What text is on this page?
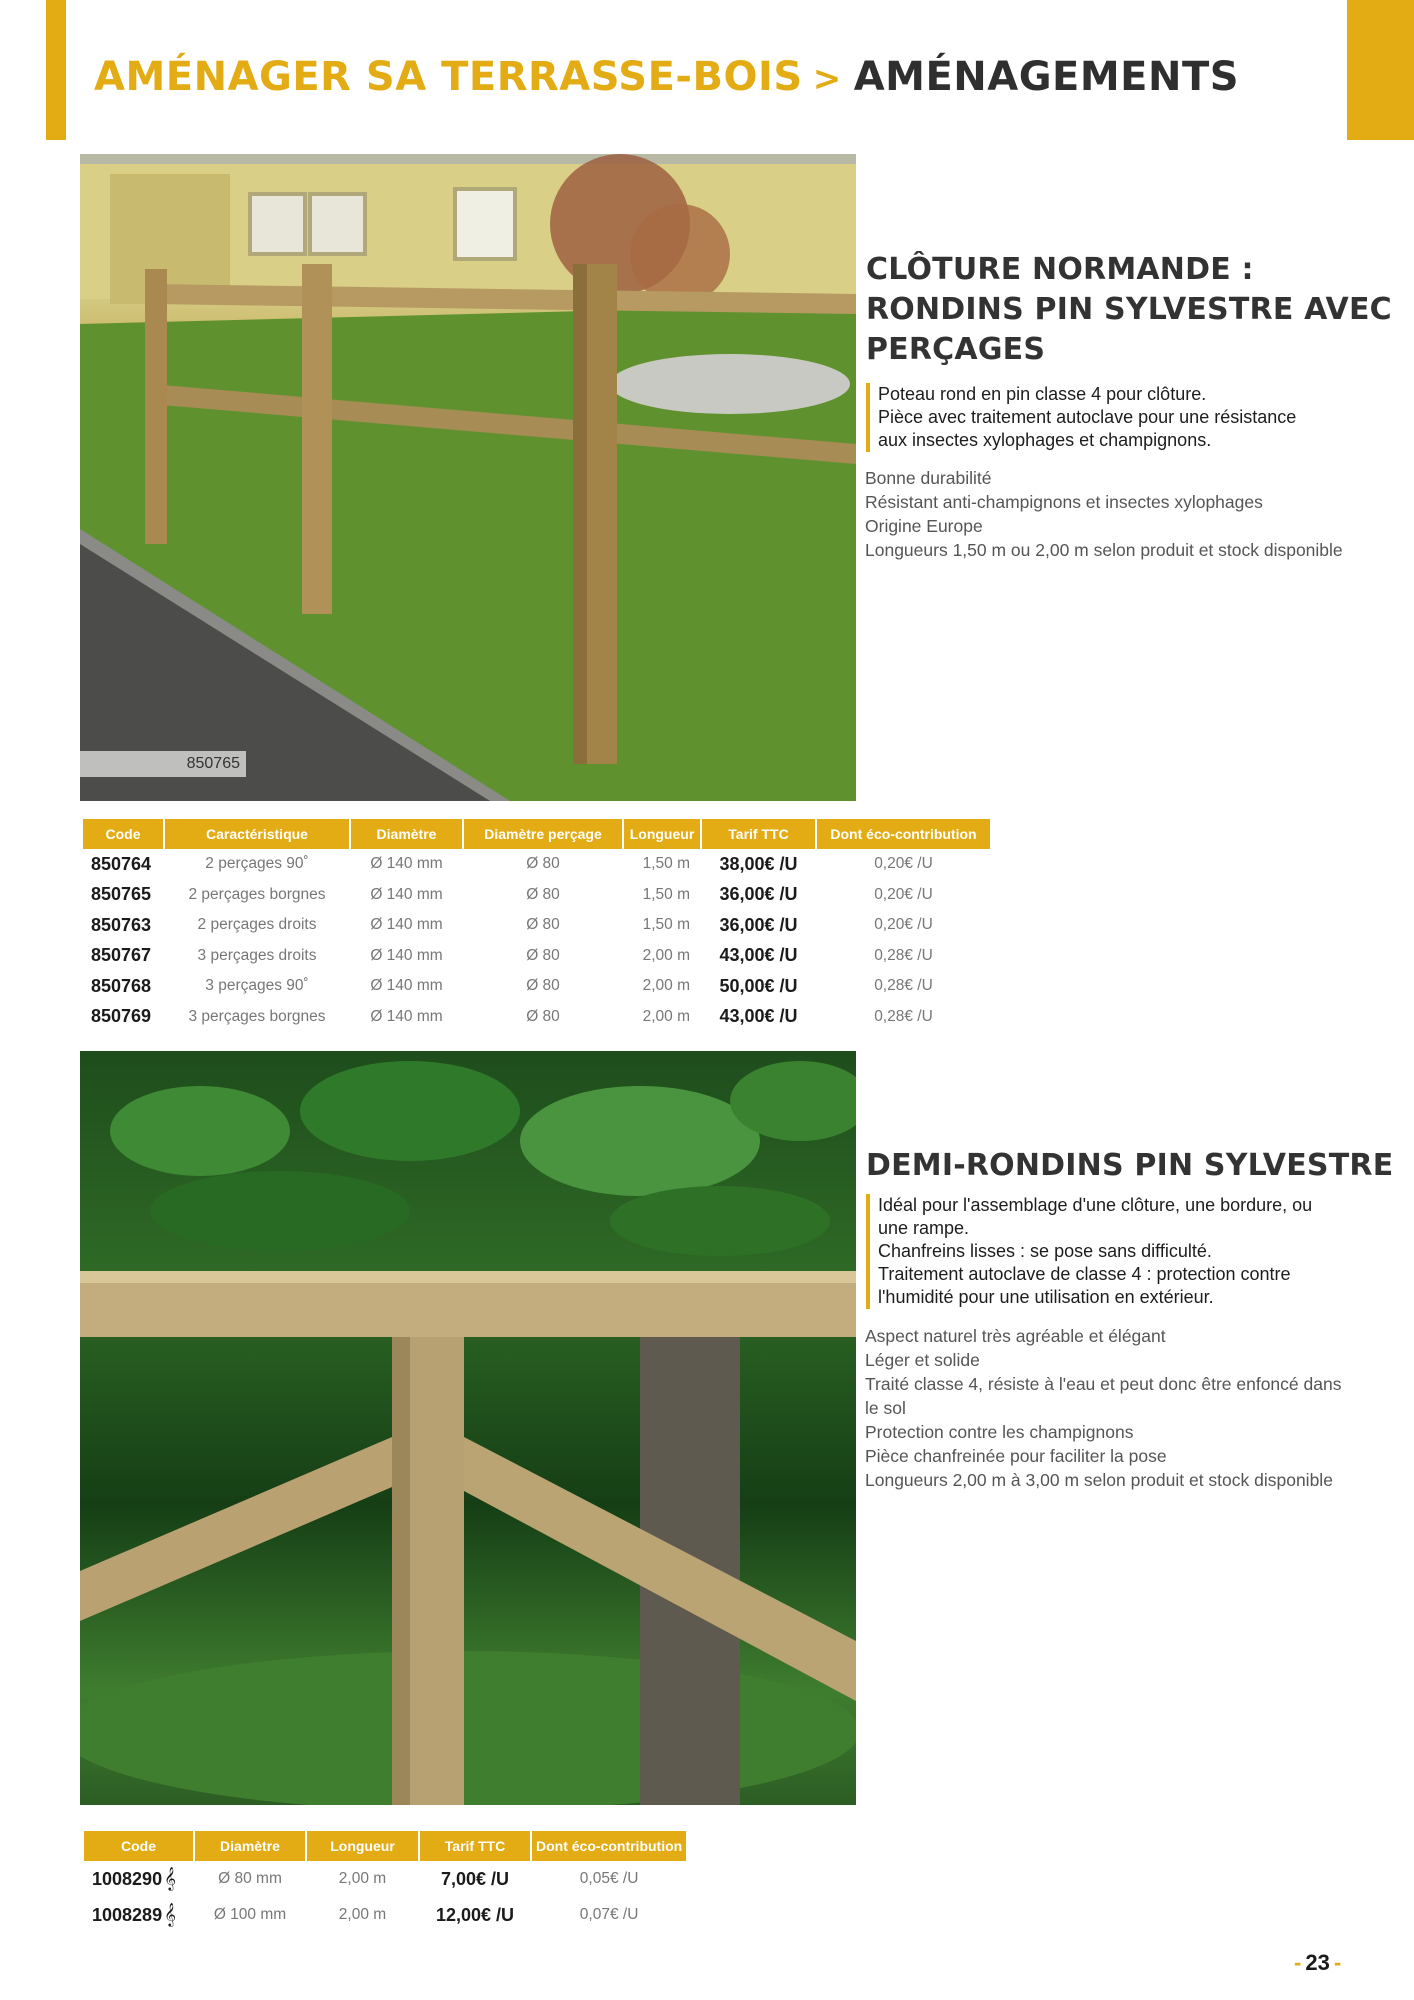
AMÉNAGER SA TERRASSE-BOIS > AMÉNAGEMENTS
850765
CLÔTURE NORMANDE :
RONDINS PIN SYLVESTRE AVEC
PERÇAGES
Poteau rond en pin classe 4 pour clôture.
Pièce avec traitement autoclave pour une résistance
aux insectes xylophages et champignons.
Bonne durabilité
Résistant anti-champignons et insectes xylophages
Origine Europe
Longueurs 1,50 m ou 2,00 m selon produit et stock disponible
Code	Caractéristique	Diamètre	Diamètre perçage	Longueur	Tarif TTC	Dont éco-contribution
850764	2 perçages 90˚	Ø 140 mm	Ø 80	1,50 m	38,00€ /U	0,20€ /U
850765	2 perçages borgnes	Ø 140 mm	Ø 80	1,50 m	36,00€ /U	0,20€ /U
850763	2 perçages droits	Ø 140 mm	Ø 80	1,50 m	36,00€ /U	0,20€ /U
850767	3 perçages droits	Ø 140 mm	Ø 80	2,00 m	43,00€ /U	0,28€ /U
850768	3 perçages 90˚	Ø 140 mm	Ø 80	2,00 m	50,00€ /U	0,28€ /U
850769	3 perçages borgnes	Ø 140 mm	Ø 80	2,00 m	43,00€ /U	0,28€ /U
DEMI-RONDINS PIN SYLVESTRE
Idéal pour l'assemblage d'une clôture, une bordure, ou
une rampe.
Chanfreins lisses : se pose sans difficulté.
Traitement autoclave de classe 4 : protection contre
l'humidité pour une utilisation en extérieur.
Aspect naturel très agréable et élégant
Léger et solide
Traité classe 4, résiste à l'eau et peut donc être enfoncé dans
le sol
Protection contre les champignons
Pièce chanfreinée pour faciliter la pose
Longueurs 2,00 m à 3,00 m selon produit et stock disponible
Code	Diamètre	Longueur	Tarif TTC	Dont éco-contribution
1008290 𝄞	Ø 80 mm	2,00 m	7,00€ /U	0,05€ /U
1008289 𝄞	Ø 100 mm	2,00 m	12,00€ /U	0,07€ /U
- 23 -
